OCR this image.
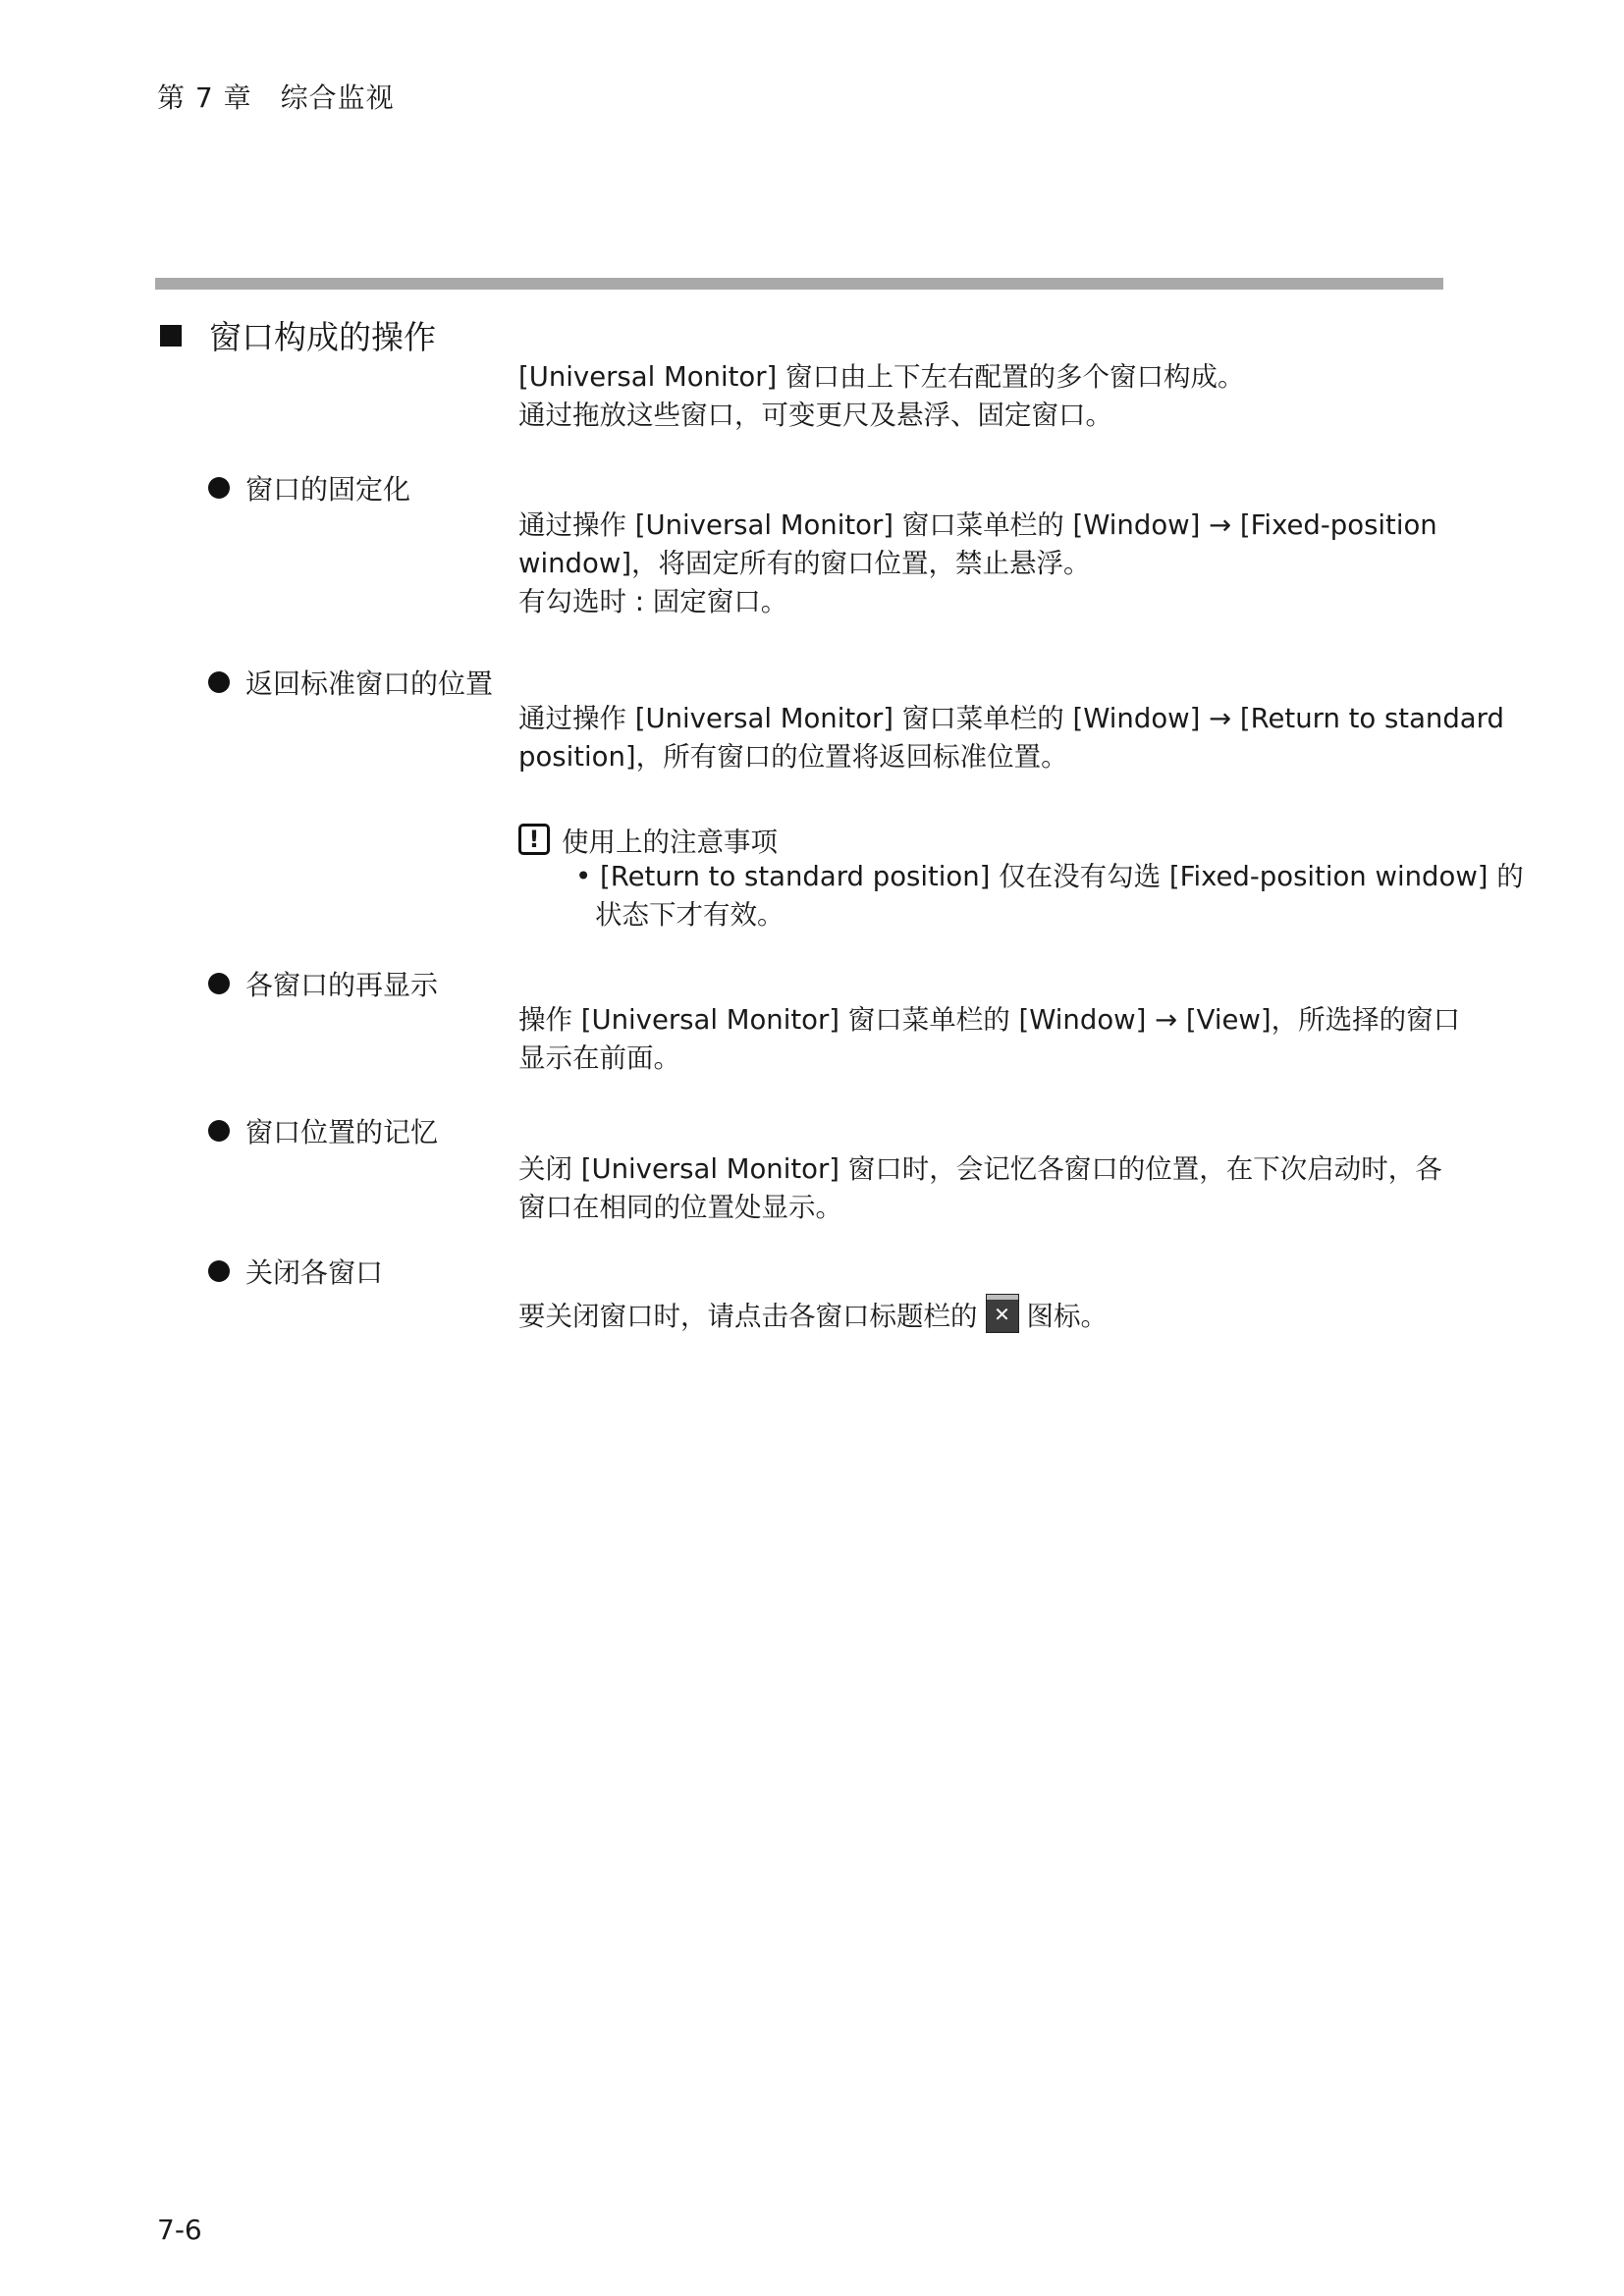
第 7 章　综合监视
窗口构成的操作

[Universal Monitor] 窗口由上下左右配置的多个窗口构成。

通过拖放这些窗口，可变更尺及悬浮、固定窗口。

窗口的固定化

通过操作 [Universal Monitor] 窗口菜单栏的 [Window] → [Fixed-position

window]，将固定所有的窗口位置，禁止悬浮。

有勾选时 : 固定窗口。

返回标准窗口的位置

通过操作 [Universal Monitor] 窗口菜单栏的 [Window] → [Return to standard

position]，所有窗口的位置将返回标准位置。

! 使用上的注意事项

• [Return to standard position] 仅在没有勾选 [Fixed-position window] 的

状态下才有效。

各窗口的再显示

操作 [Universal Monitor] 窗口菜单栏的 [Window] → [View]，所选择的窗口

显示在前面。

窗口位置的记忆

关闭 [Universal Monitor] 窗口时，会记忆各窗口的位置，在下次启动时，各

窗口在相同的位置处显示。

关闭各窗口

要关闭窗口时，请点击各窗口标题栏的✕ 图标。

7-6
